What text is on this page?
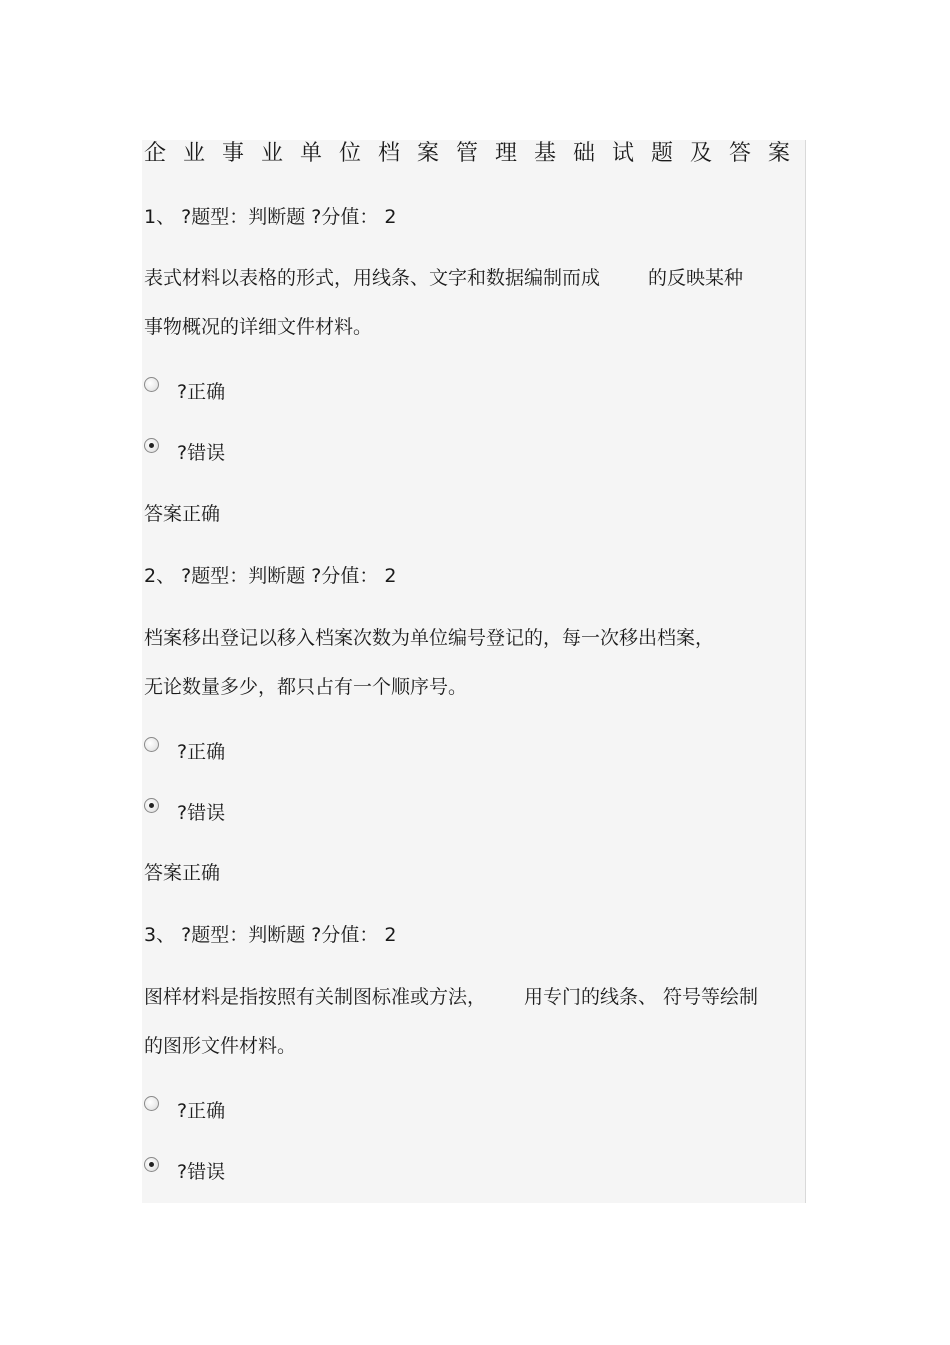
企业事业单位档案管理基础试题及答案
1、 ?题型：判断题 ?分值： 2
表式材料以表格的形式，用线条、文字和数据编制而成	的反映某种
事物概况的详细文件材料。
?正确
?错误
答案正确
2、 ?题型：判断题 ?分值： 2
档案移出登记以移入档案次数为单位编号登记的，每一次移出档案，
无论数量多少，都只占有一个顺序号。
?正确
?错误
答案正确
3、 ?题型：判断题 ?分值： 2
图样材料是指按照有关制图标准或方法， 用专门的线条、 符号等绘制
的图形文件材料。
?正确
?错误
